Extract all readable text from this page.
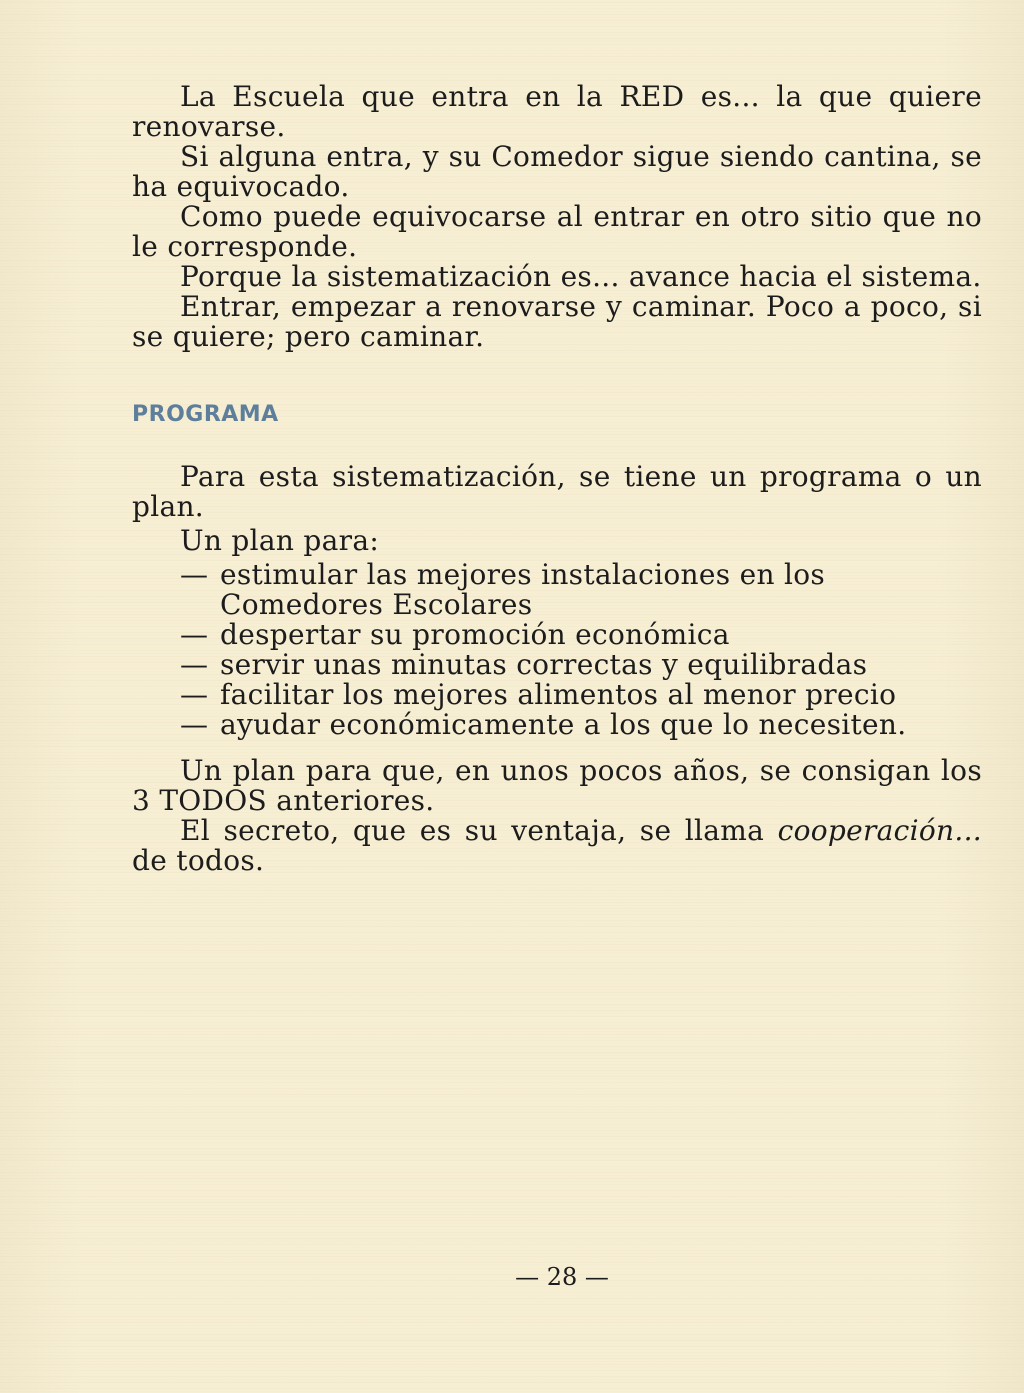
La Escuela que entra en la RED es... la que quiere renovarse.

Si alguna entra, y su Comedor sigue siendo cantina, se ha equivocado.

Como puede equivocarse al entrar en otro sitio que no le corresponde.

Porque la sistematización es... avance hacia el sistema.

Entrar, empezar a renovarse y caminar. Poco a poco, si se quiere; pero caminar.

PROGRAMA

Para esta sistematización, se tiene un programa o un plan.

Un plan para:

— estimular las mejores instalaciones en los Comedores Escolares
— despertar su promoción económica
— servir unas minutas correctas y equilibradas
— facilitar los mejores alimentos al menor precio
— ayudar económicamente a los que lo necesiten.

Un plan para que, en unos pocos años, se consigan los 3 TODOS anteriores.

El secreto, que es su ventaja, se llama cooperación... de todos.

— 28 —
